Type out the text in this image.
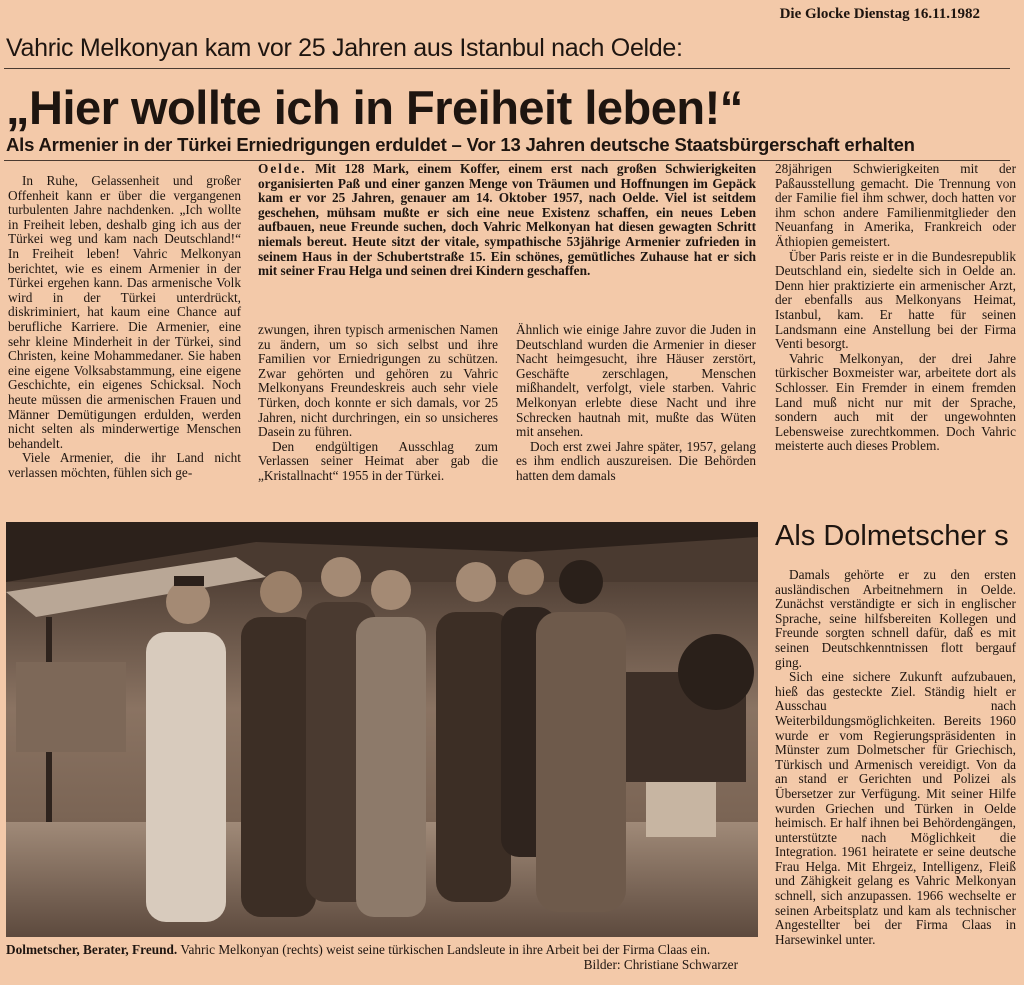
Die Glocke Dienstag 16.11.1982
Vahric Melkonyan kam vor 25 Jahren aus Istanbul nach Oelde:
„Hier wollte ich in Freiheit leben!“
Als Armenier in der Türkei Erniedrigungen erduldet – Vor 13 Jahren deutsche Staatsbürgerschaft erhalten

In Ruhe, Gelassenheit und großer Offenheit kann er über die vergangenen turbulenten Jahre nachdenken. „Ich wollte in Freiheit leben, deshalb ging ich aus der Türkei weg und kam nach Deutschland!“ In Freiheit leben! Vahric Melkonyan berichtet, wie es einem Armenier in der Türkei ergehen kann. Das armenische Volk wird in der Türkei unterdrückt, diskriminiert, hat kaum eine Chance auf berufliche Karriere. Die Armenier, eine sehr kleine Minderheit in der Türkei, sind Christen, keine Mohammedaner. Sie haben eine eigene Volksabstammung, eine eigene Geschichte, ein eigenes Schicksal. Noch heute müssen die armenischen Frauen und Männer Demütigungen erdulden, werden nicht selten als minderwertige Menschen behandelt.

Viele Armenier, die ihr Land nicht verlassen möchten, fühlen sich ge-

Oelde. Mit 128 Mark, einem Koffer, einem erst nach großen Schwierigkeiten organisierten Paß und einer ganzen Menge von Träumen und Hoffnungen im Gepäck kam er vor 25 Jahren, genauer am 14. Oktober 1957, nach Oelde. Viel ist seitdem geschehen, mühsam mußte er sich eine neue Existenz schaffen, ein neues Leben aufbauen, neue Freunde suchen, doch Vahric Melkonyan hat diesen gewagten Schritt niemals bereut. Heute sitzt der vitale, sympathische 53jährige Armenier zufrieden in seinem Haus in der Schubertstraße 15. Ein schönes, gemütliches Zuhause hat er sich mit seiner Frau Helga und seinen drei Kindern geschaffen.

zwungen, ihren typisch armenischen Namen zu ändern, um so sich selbst und ihre Familien vor Erniedrigungen zu schützen. Zwar gehörten und gehören zu Vahric Melkonyans Freundeskreis auch sehr viele Türken, doch konnte er sich damals, vor 25 Jahren, nicht durchringen, ein so unsicheres Dasein zu führen.

Den endgültigen Ausschlag zum Verlassen seiner Heimat aber gab die „Kristallnacht“ 1955 in der Türkei.

Ähnlich wie einige Jahre zuvor die Juden in Deutschland wurden die Armenier in dieser Nacht heimgesucht, ihre Häuser zerstört, Geschäfte zerschlagen, Menschen mißhandelt, verfolgt, viele starben. Vahric Melkonyan erlebte diese Nacht und ihre Schrecken hautnah mit, mußte das Wüten mit ansehen.

Doch erst zwei Jahre später, 1957, gelang es ihm endlich auszureisen. Die Behörden hatten dem damals

28jährigen Schwierigkeiten mit der Paßausstellung gemacht. Die Trennung von der Familie fiel ihm schwer, doch hatten vor ihm schon andere Familienmitglieder den Neuanfang in Amerika, Frankreich oder Äthiopien gemeistert.

Über Paris reiste er in die Bundesrepublik Deutschland ein, siedelte sich in Oelde an. Denn hier praktizierte ein armenischer Arzt, der ebenfalls aus Melkonyans Heimat, Istanbul, kam. Er hatte für seinen Landsmann eine Anstellung bei der Firma Venti besorgt.

Vahric Melkonyan, der drei Jahre türkischer Boxmeister war, arbeitete dort als Schlosser. Ein Fremder in einem fremden Land muß nicht nur mit der Sprache, sondern auch mit der ungewohnten Lebensweise zurechtkommen. Doch Vahric meisterte auch dieses Problem.

Dolmetscher, Berater, Freund. Vahric Melkonyan (rechts) weist seine türkischen Landsleute in ihre Arbeit bei der Firma Claas ein.
Bilder: Christiane Schwarzer
Als Dolmetscher s

Damals gehörte er zu den ersten ausländischen Arbeitnehmern in Oelde. Zunächst verständigte er sich in englischer Sprache, seine hilfsbereiten Kollegen und Freunde sorgten schnell dafür, daß es mit seinen Deutschkenntnissen flott bergauf ging.

Sich eine sichere Zukunft aufzubauen, hieß das gesteckte Ziel. Ständig hielt er Ausschau nach Weiterbildungsmöglichkeiten. Bereits 1960 wurde er vom Regierungspräsidenten in Münster zum Dolmetscher für Griechisch, Türkisch und Armenisch vereidigt. Von da an stand er Gerichten und Polizei als Übersetzer zur Verfügung. Mit seiner Hilfe wurden Griechen und Türken in Oelde heimisch. Er half ihnen bei Behördengängen, unterstützte nach Möglichkeit die Integration. 1961 heiratete er seine deutsche Frau Helga. Mit Ehrgeiz, Intelligenz, Fleiß und Zähigkeit gelang es Vahric Melkonyan schnell, sich anzupassen. 1966 wechselte er seinen Arbeitsplatz und kam als technischer Angestellter bei der Firma Claas in Harsewinkel unter.
